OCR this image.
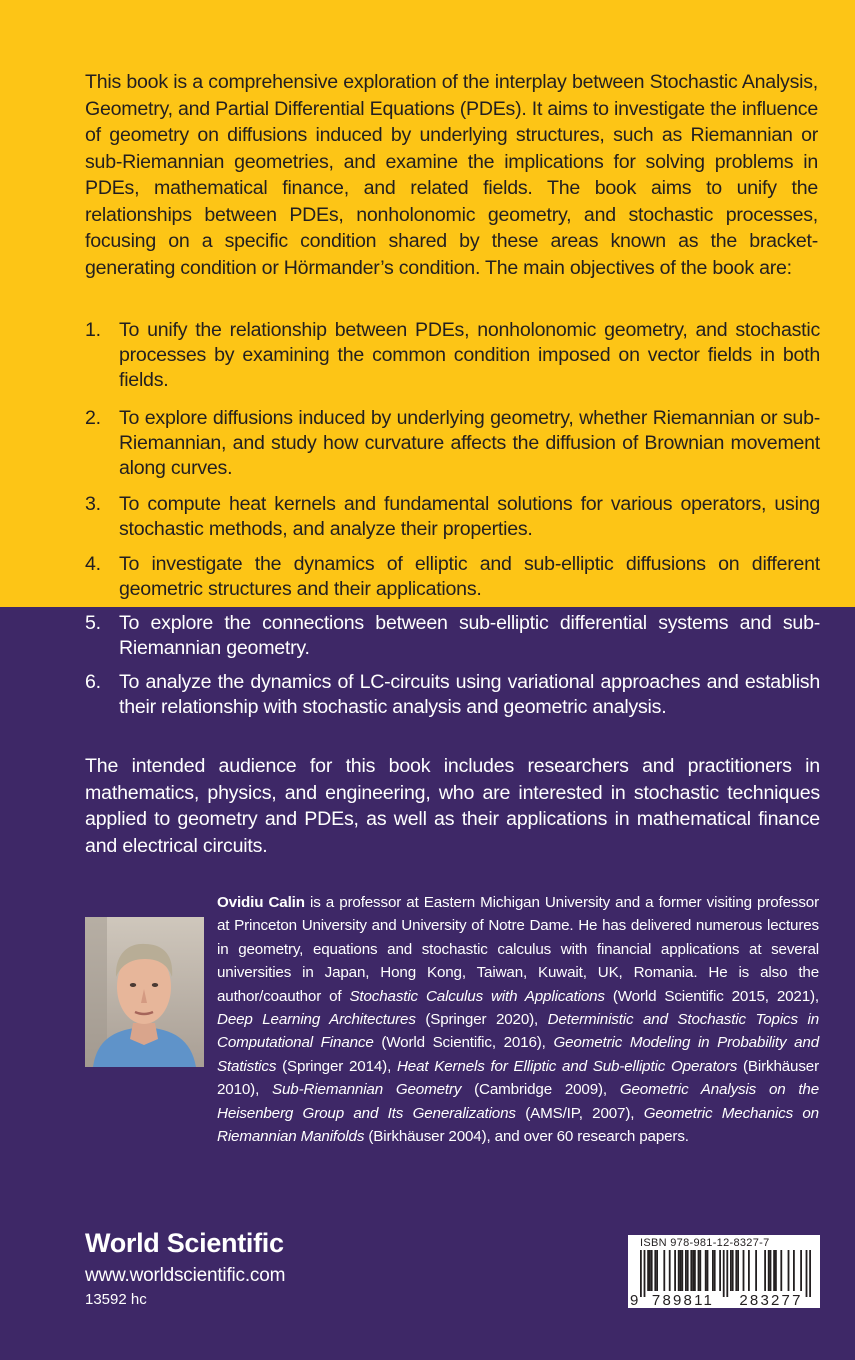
This book is a comprehensive exploration of the interplay between Stochastic Analysis, Geometry, and Partial Differential Equations (PDEs). It aims to investigate the influence of geometry on diffusions induced by underlying structures, such as Riemannian or sub-Riemannian geometries, and examine the implications for solving problems in PDEs, mathematical finance, and related fields. The book aims to unify the relationships between PDEs, nonholonomic geometry, and stochastic processes, focusing on a specific condition shared by these areas known as the bracket-generating condition or Hörmander’s condition. The main objectives of the book are:

1. To unify the relationship between PDEs, nonholonomic geometry, and stochastic processes by examining the common condition imposed on vector fields in both fields.
2. To explore diffusions induced by underlying geometry, whether Riemannian or sub-Riemannian, and study how curvature affects the diffusion of Brownian movement along curves.
3. To compute heat kernels and fundamental solutions for various operators, using stochastic methods, and analyze their properties.
4. To investigate the dynamics of elliptic and sub-elliptic diffusions on different geometric structures and their applications.
5. To explore the connections between sub-elliptic differential systems and sub-Riemannian geometry.
6. To analyze the dynamics of LC-circuits using variational approaches and establish their relationship with stochastic analysis and geometric analysis.

The intended audience for this book includes researchers and practitioners in mathematics, physics, and engineering, who are interested in stochastic techniques applied to geometry and PDEs, as well as their applications in mathematical finance and electrical circuits.

Ovidiu Calin is a professor at Eastern Michigan University and a former visiting professor at Princeton University and University of Notre Dame. He has delivered numerous lectures in geometry, equations and stochastic calculus with financial applications at several universities in Japan, Hong Kong, Taiwan, Kuwait, UK, Romania. He is also the author/coauthor of Stochastic Calculus with Applications (World Scientific 2015, 2021), Deep Learning Architectures (Springer 2020), Deterministic and Stochastic Topics in Computational Finance (World Scientific, 2016), Geometric Modeling in Probability and Statistics (Springer 2014), Heat Kernels for Elliptic and Sub-elliptic Operators (Birkhäuser 2010), Sub-Riemannian Geometry (Cambridge 2009), Geometric Analysis on the Heisenberg Group and Its Generalizations (AMS/IP, 2007), Geometric Mechanics on Riemannian Manifolds (Birkhäuser 2004), and over 60 research papers.

World Scientific
www.worldscientific.com
13592 hc	9 789811 283277
ISBN 978-981-12-8327-7
